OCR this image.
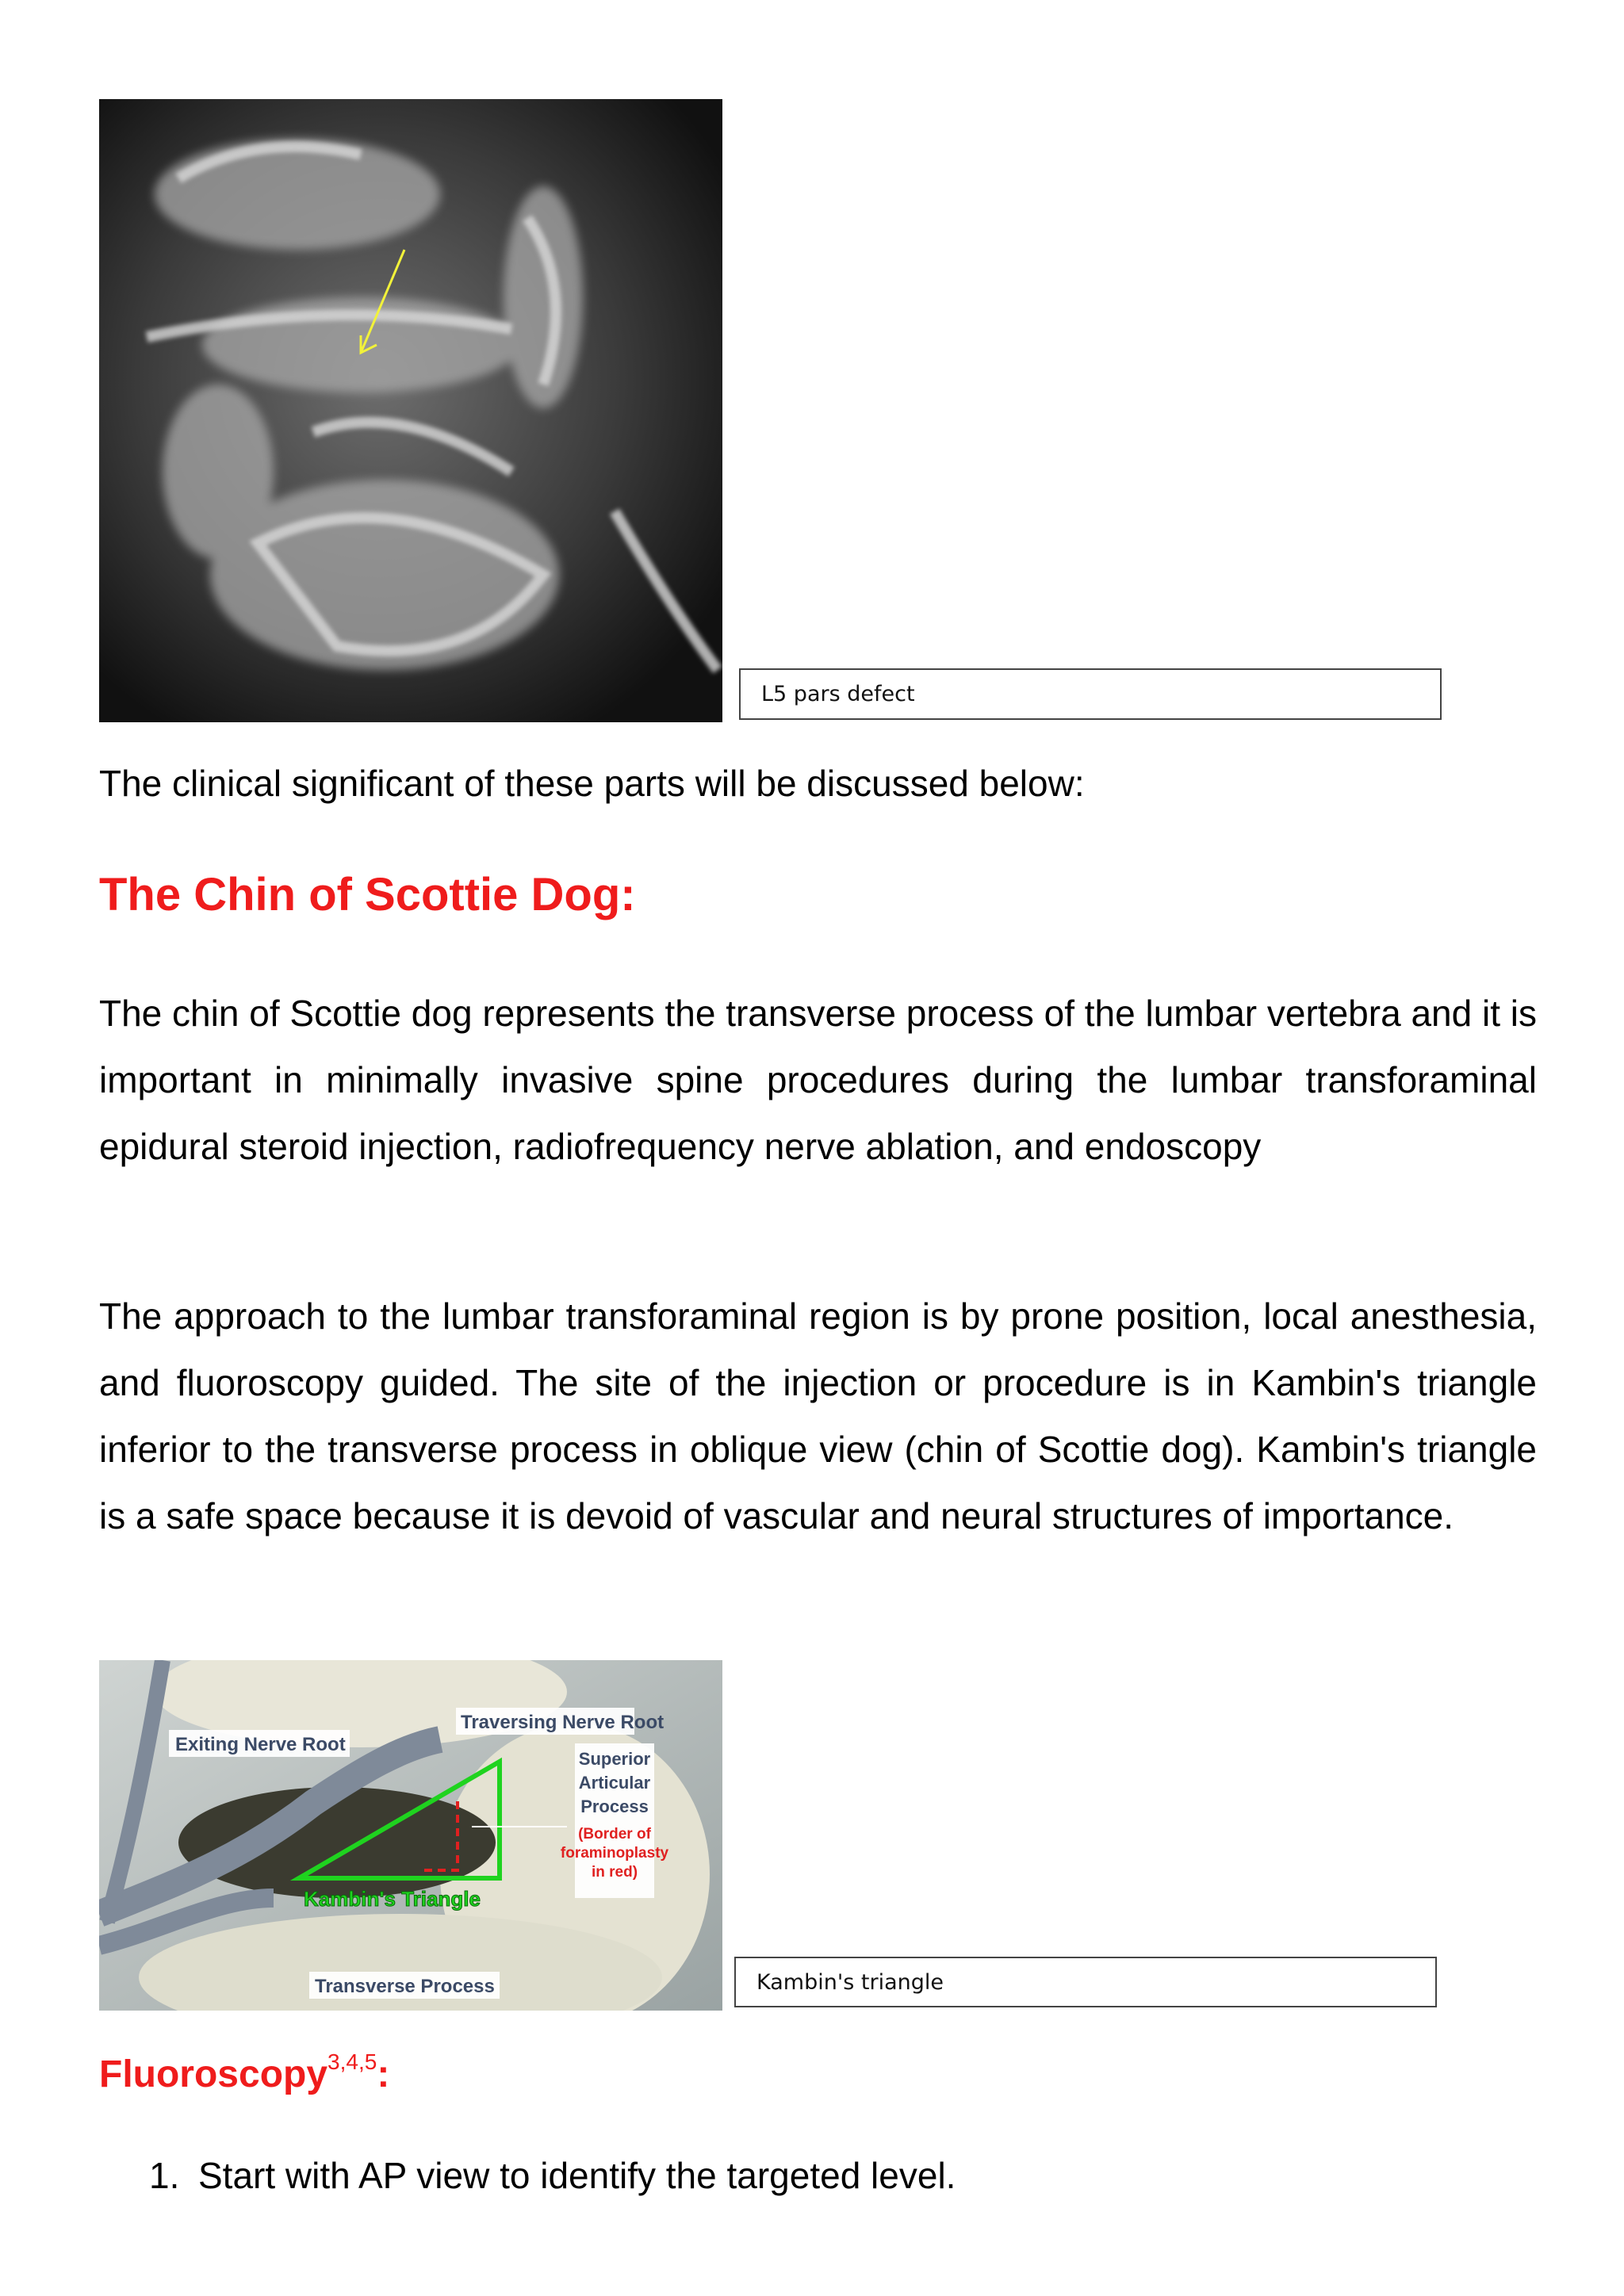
L5 pars defect
The clinical significant of these parts will be discussed below:
The Chin of Scottie Dog:
The chin of Scottie dog represents the transverse process of the lumbar vertebra and it is important in minimally invasive spine procedures during the lumbar transforaminal epidural steroid injection, radiofrequency nerve ablation, and endoscopy
The approach to the lumbar transforaminal region is by prone position, local anesthesia, and fluoroscopy guided. The site of the injection or procedure is in Kambin's triangle inferior to the transverse process in oblique view (chin of Scottie dog). Kambin's triangle is a safe space because it is devoid of vascular and neural structures of importance.
Exiting Nerve Root
Traversing Nerve Root
Superior Articular Process
(Border of foraminoplasty in red)
Kambin's Triangle
Transverse Process	Kambin's triangle
Fluoroscopy$^{3,4,5}$:
1. Start with AP view to identify the targeted level.
